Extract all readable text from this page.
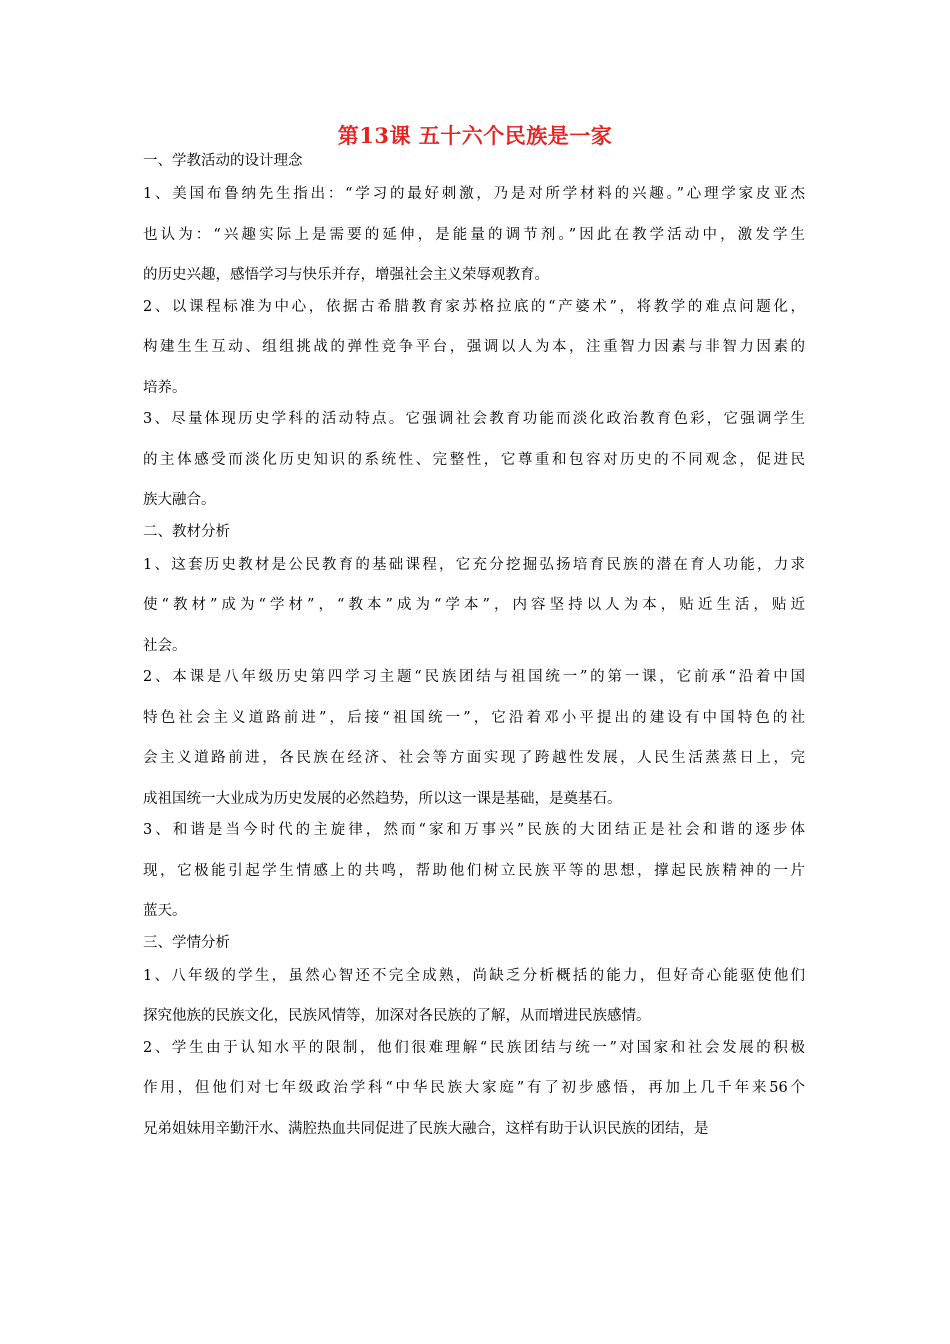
第13课 五十六个民族是一家
一、学教活动的设计理念
1、美国布鲁纳先生指出：“学习的最好刺激，乃是对所学材料的兴趣。”心理学家皮亚杰
也认为：“兴趣实际上是需要的延伸，是能量的调节剂。”因此在教学活动中，激发学生
的历史兴趣，感悟学习与快乐并存，增强社会主义荣辱观教育。
2、以课程标准为中心，依据古希腊教育家苏格拉底的“产婆术”，将教学的难点问题化，
构建生生互动、组组挑战的弹性竞争平台，强调以人为本，注重智力因素与非智力因素的
培养。
3、尽量体现历史学科的活动特点。它强调社会教育功能而淡化政治教育色彩，它强调学生
的主体感受而淡化历史知识的系统性、完整性，它尊重和包容对历史的不同观念，促进民
族大融合。
二、教材分析
1、这套历史教材是公民教育的基础课程，它充分挖掘弘扬培育民族的潜在育人功能，力求
使“教材”成为“学材”，“教本”成为“学本”，内容坚持以人为本，贴近生活，贴近
社会。
2、本课是八年级历史第四学习主题“民族团结与祖国统一”的第一课，它前承“沿着中国
特色社会主义道路前进”，后接“祖国统一”，它沿着邓小平提出的建设有中国特色的社
会主义道路前进，各民族在经济、社会等方面实现了跨越性发展，人民生活蒸蒸日上，完
成祖国统一大业成为历史发展的必然趋势，所以这一课是基础，是奠基石。
3、和谐是当今时代的主旋律，然而“家和万事兴”民族的大团结正是社会和谐的逐步体
现，它极能引起学生情感上的共鸣，帮助他们树立民族平等的思想，撑起民族精神的一片
蓝天。
三、学情分析
1、八年级的学生，虽然心智还不完全成熟，尚缺乏分析概括的能力，但好奇心能驱使他们
探究他族的民族文化，民族风情等，加深对各民族的了解，从而增进民族感情。
2、学生由于认知水平的限制，他们很难理解“民族团结与统一”对国家和社会发展的积极
作用，但他们对七年级政治学科“中华民族大家庭”有了初步感悟，再加上几千年来56个
兄弟姐妹用辛勤汗水、满腔热血共同促进了民族大融合，这样有助于认识民族的团结，是
